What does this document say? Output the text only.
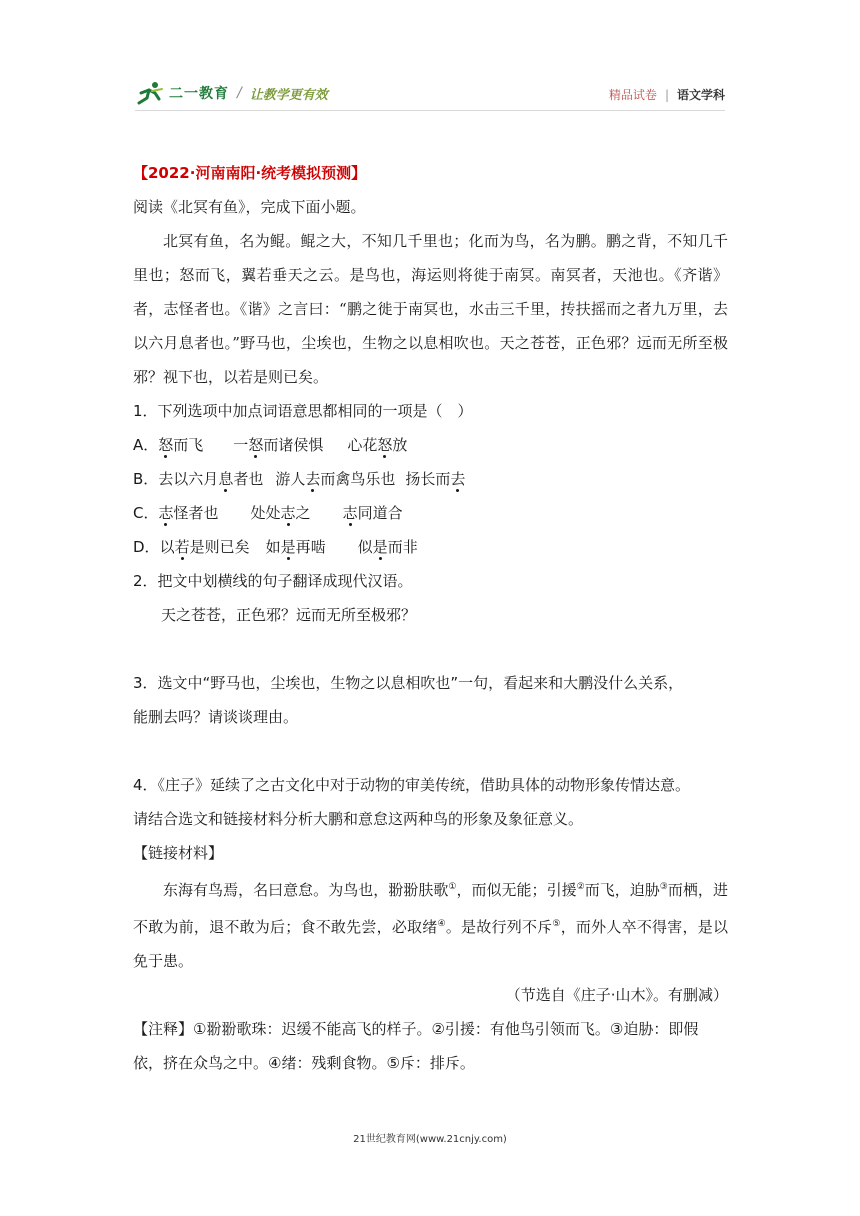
二一教育 / 让教学更有效	精品试卷 | 语文学科
【2022·河南南阳·统考模拟预测】
阅读《北冥有鱼》，完成下面小题。
北冥有鱼，名为鲲。鲲之大，不知几千里也；化而为鸟，名为鹏。鹏之背，不知几千里也；怒而飞，翼若垂天之云。是鸟也，海运则将徙于南冥。南冥者，天池也。《齐谐》者，志怪者也。《谐》之言曰：“鹏之徙于南冥也，水击三千里，抟扶摇而之者九万里，去以六月息者也。”野马也，尘埃也，生物之以息相吹也。天之苍苍，正色邪？远而无所至极邪？视下也，以若是则已矣。
1．下列选项中加点词语意思都相同的一项是（　）
A．怒而飞 一怒而诸侯惧 心花怒放
B．去以六月息者也 游人去而禽鸟乐也 扬长而去
C．志怪者也 处处志之 志同道合
D．以若是则已矣 如是再啮 似是而非
2．把文中划横线的句子翻译成现代汉语。
天之苍苍，正色邪？远而无所至极邪？
3．选文中“野马也，尘埃也，生物之以息相吹也”一句，看起来和大鹏没什么关系，
能删去吗？请谈谈理由。
4．《庄子》延续了之古文化中对于动物的审美传统，借助具体的动物形象传情达意。
请结合选文和链接材料分析大鹏和意怠这两种鸟的形象及象征意义。
【链接材料】
东海有鸟焉，名曰意怠。为鸟也，翂翂肤歌①，而似无能；引援②而飞，迫胁③而栖，进不敢为前，退不敢为后；食不敢先尝，必取绪④。是故行列不斥⑤，而外人卒不得害，是以免于患。
（节选自《庄子·山木》。有删减）
【注释】①翂翂歌珠：迟缓不能高飞的样子。②引援：有他鸟引领而飞。③迫胁：即假
依，挤在众鸟之中。④绪：残剩食物。⑤斥：排斥。
21世纪教育网(www.21cnjy.com)
